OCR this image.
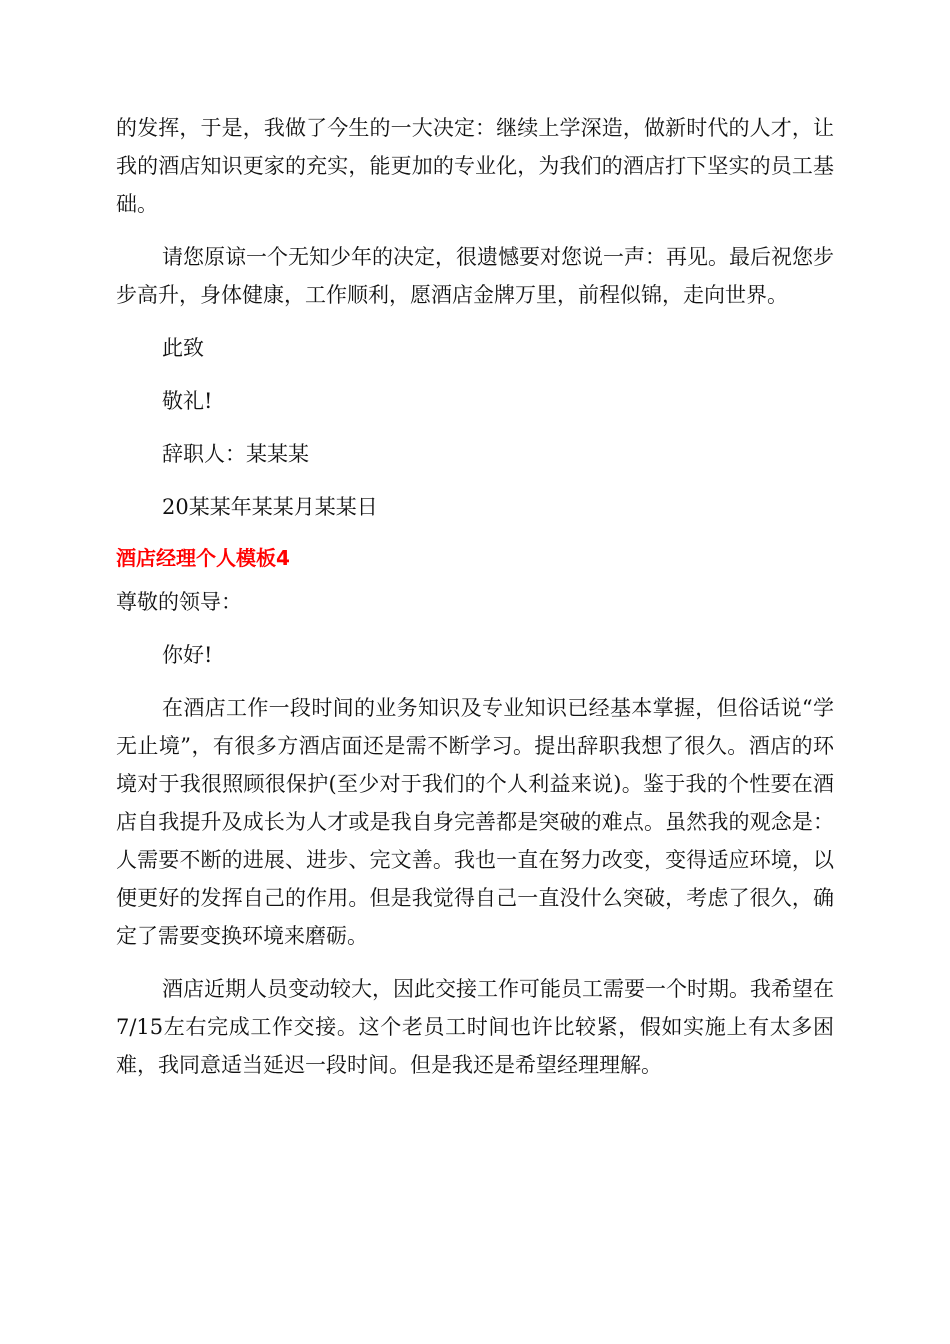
的发挥，于是，我做了今生的一大决定：继续上学深造，做新时代的人才，让我的酒店知识更家的充实，能更加的专业化，为我们的酒店打下坚实的员工基础。

请您原谅一个无知少年的决定，很遗憾要对您说一声：再见。最后祝您步步高升，身体健康，工作顺利，愿酒店金牌万里，前程似锦，走向世界。

此致

敬礼!

辞职人：某某某

20某某年某某月某某日

酒店经理个人模板4

尊敬的领导：

你好!

在酒店工作一段时间的业务知识及专业知识已经基本掌握，但俗话说“学无止境”，有很多方酒店面还是需不断学习。提出辞职我想了很久。酒店的环境对于我很照顾很保护(至少对于我们的个人利益来说)。鉴于我的个性要在酒店自我提升及成长为人才或是我自身完善都是突破的难点。虽然我的观念是：人需要不断的进展、进步、完文善。我也一直在努力改变，变得适应环境，以便更好的发挥自己的作用。但是我觉得自己一直没什么突破，考虑了很久，确定了需要变换环境来磨砺。

酒店近期人员变动较大，因此交接工作可能员工需要一个时期。我希望在7/15左右完成工作交接。这个老员工时间也许比较紧，假如实施上有太多困难，我同意适当延迟一段时间。但是我还是希望经理理解。
